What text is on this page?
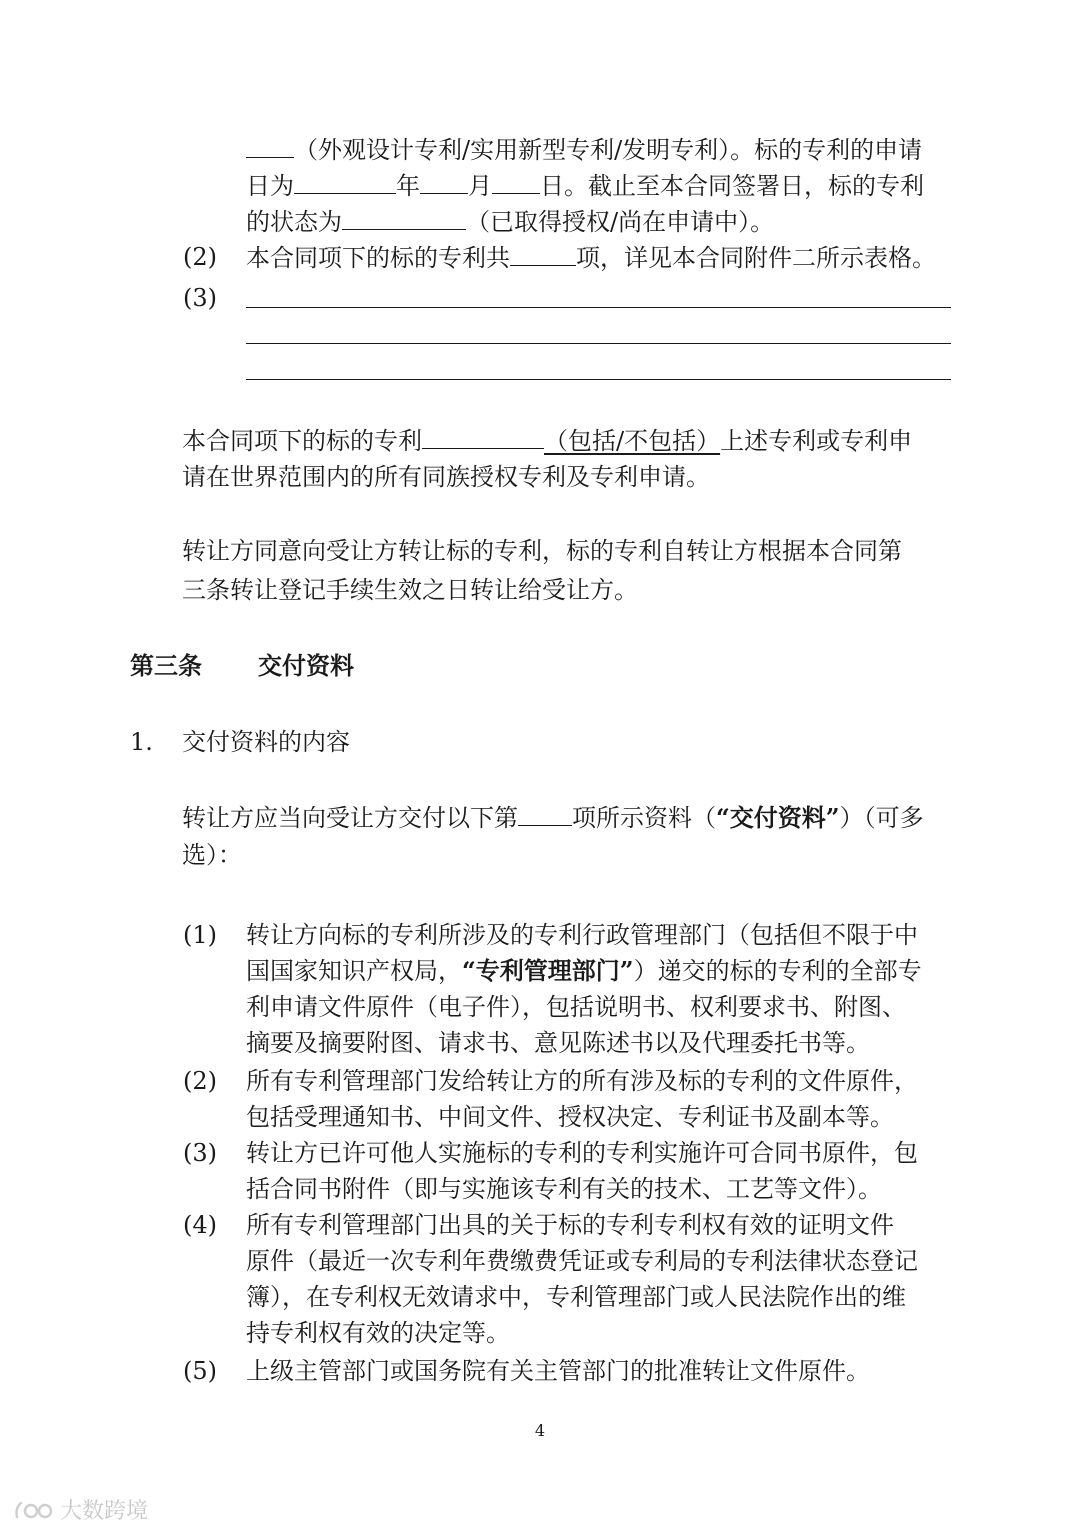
（外观设计专利/实用新型专利/发明专利）。标的专利的申请
日为	年 月 日。截止至本合同签署日，标的专利
的状态为	（已取得授权/尚在申请中）。
(2) 本合同项下的标的专利共	项，详见本合同附件二所示表格。
(3)
本合同项下的标的专利	（包括/不包括）上述专利或专利申
请在世界范围内的所有同族授权专利及专利申请。
转让方同意向受让方转让标的专利，标的专利自转让方根据本合同第
三条转让登记手续生效之日转让给受让方。
第三条 交付资料
1. 交付资料的内容
转让方应当向受让方交付以下第 项所示资料（“交付资料”）（可多
选）：
(1) 转让方向标的专利所涉及的专利行政管理部门（包括但不限于中
国国家知识产权局，“专利管理部门”）递交的标的专利的全部专
利申请文件原件（电子件），包括说明书、权利要求书、附图、
摘要及摘要附图、请求书、意见陈述书以及代理委托书等。
(2) 所有专利管理部门发给转让方的所有涉及标的专利的文件原件，
包括受理通知书、中间文件、授权决定、专利证书及副本等。
(3) 转让方已许可他人实施标的专利的专利实施许可合同书原件，包
括合同书附件（即与实施该专利有关的技术、工艺等文件）。
(4) 所有专利管理部门出具的关于标的专利专利权有效的证明文件
原件（最近一次专利年费缴费凭证或专利局的专利法律状态登记
簿），在专利权无效请求中，专利管理部门或人民法院作出的维
持专利权有效的决定等。
(5) 上级主管部门或国务院有关主管部门的批准转让文件原件。
4
大数跨境
